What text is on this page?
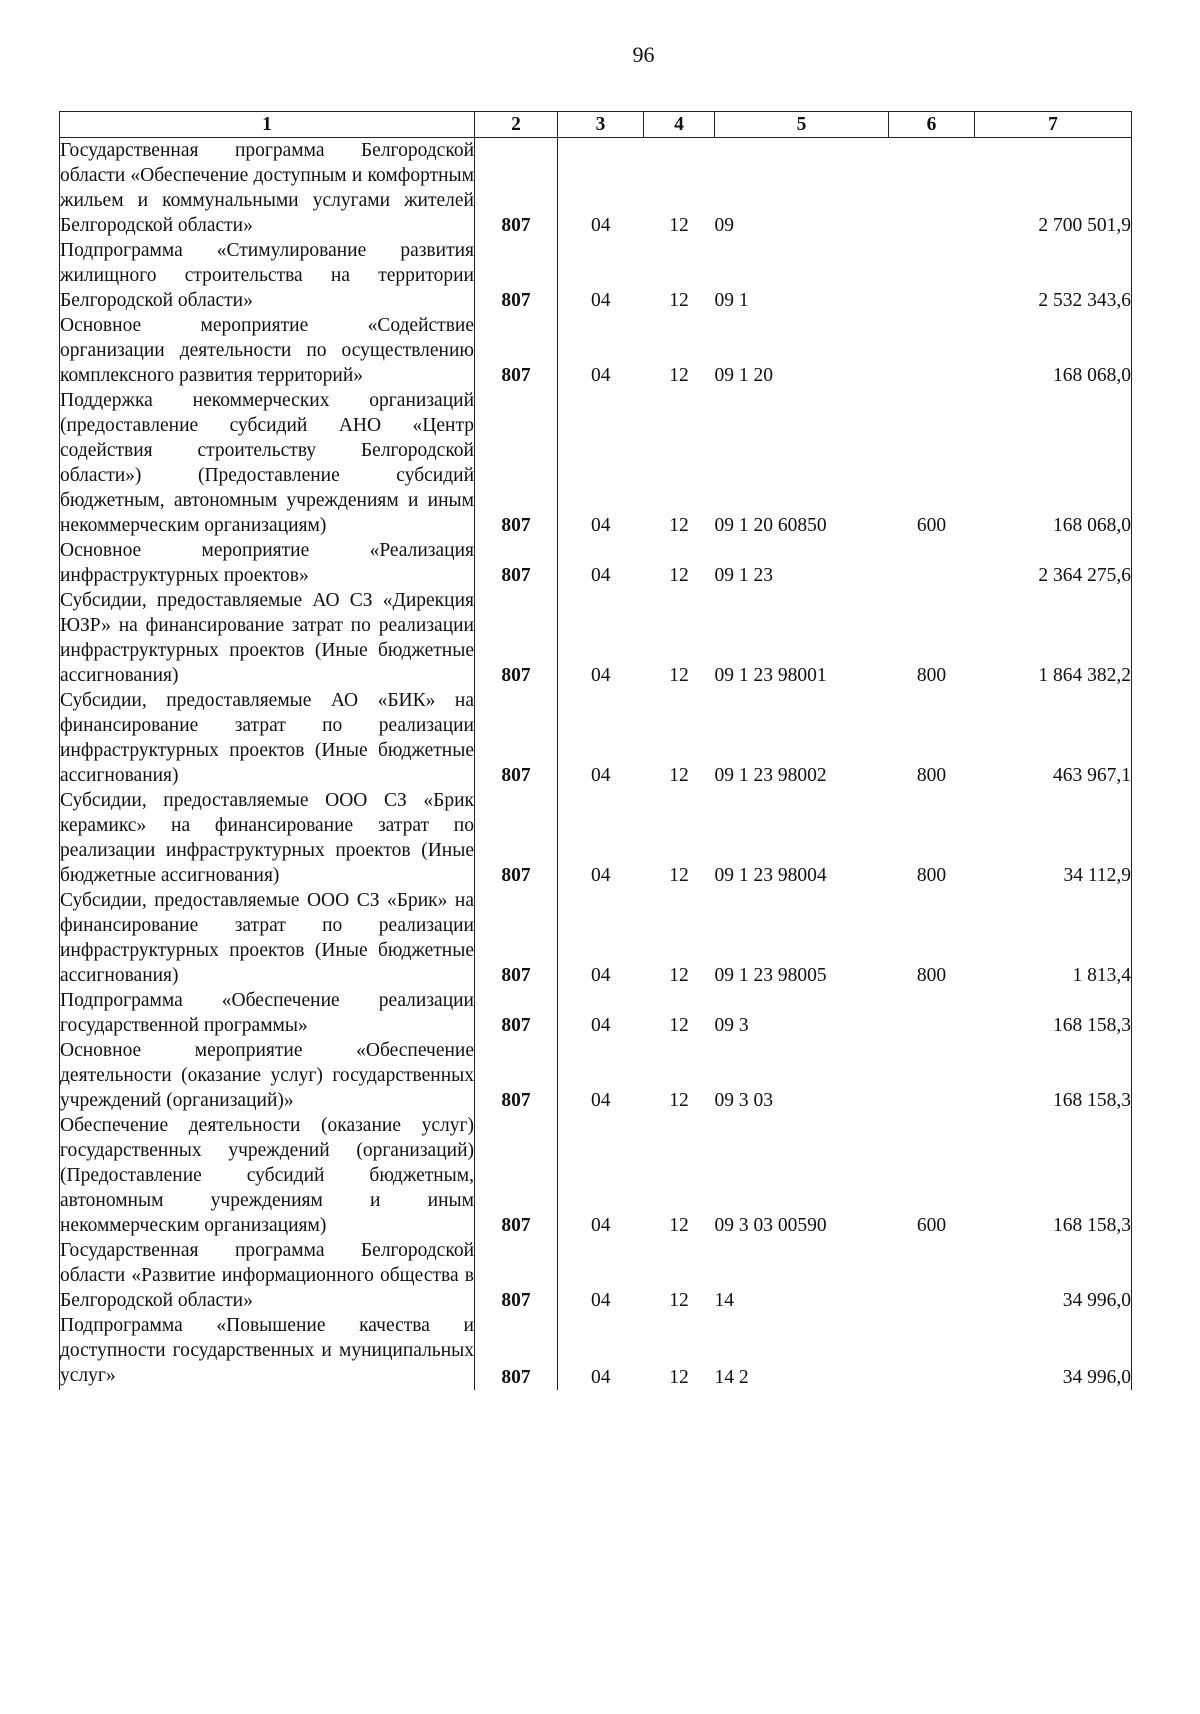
96
1	2	3	4	5	6	7
Государственная программа Белгородской области «Обеспечение доступным и комфортным жильем и коммунальными услугами жителей Белгородской области»	807	04	12	09		2 700 501,9
Подпрограмма «Стимулирование развития жилищного строительства на территории Белгородской области»	807	04	12	09 1		2 532 343,6
Основное мероприятие «Содействие организации деятельности по осуществлению комплексного развития территорий»	807	04	12	09 1 20		168 068,0
Поддержка некоммерческих организаций (предоставление субсидий АНО «Центр содействия строительству Белгородской области») (Предоставление субсидий бюджетным, автономным учреждениям и иным некоммерческим организациям)	807	04	12	09 1 20 60850	600	168 068,0
Основное мероприятие «Реализация инфраструктурных проектов»	807	04	12	09 1 23		2 364 275,6
Субсидии, предоставляемые АО СЗ «Дирекция ЮЗР» на финансирование затрат по реализации инфраструктурных проектов (Иные бюджетные ассигнования)	807	04	12	09 1 23 98001	800	1 864 382,2
Субсидии, предоставляемые АО «БИК» на финансирование затрат по реализации инфраструктурных проектов (Иные бюджетные ассигнования)	807	04	12	09 1 23 98002	800	463 967,1
Субсидии, предоставляемые ООО СЗ «Брик керамикс» на финансирование затрат по реализации инфраструктурных проектов (Иные бюджетные ассигнования)	807	04	12	09 1 23 98004	800	34 112,9
Субсидии, предоставляемые ООО СЗ «Брик» на финансирование затрат по реализации инфраструктурных проектов (Иные бюджетные ассигнования)	807	04	12	09 1 23 98005	800	1 813,4
Подпрограмма «Обеспечение реализации государственной программы»	807	04	12	09 3		168 158,3
Основное мероприятие «Обеспечение деятельности (оказание услуг) государственных учреждений (организаций)»	807	04	12	09 3 03		168 158,3
Обеспечение деятельности (оказание услуг) государственных учреждений (организаций) (Предоставление субсидий бюджетным, автономным учреждениям и иным некоммерческим организациям)	807	04	12	09 3 03 00590	600	168 158,3
Государственная программа Белгородской области «Развитие информационного общества в Белгородской области»	807	04	12	14		34 996,0
Подпрограмма «Повышение качества и доступности государственных и муниципальных услуг»	807	04	12	14 2		34 996,0
